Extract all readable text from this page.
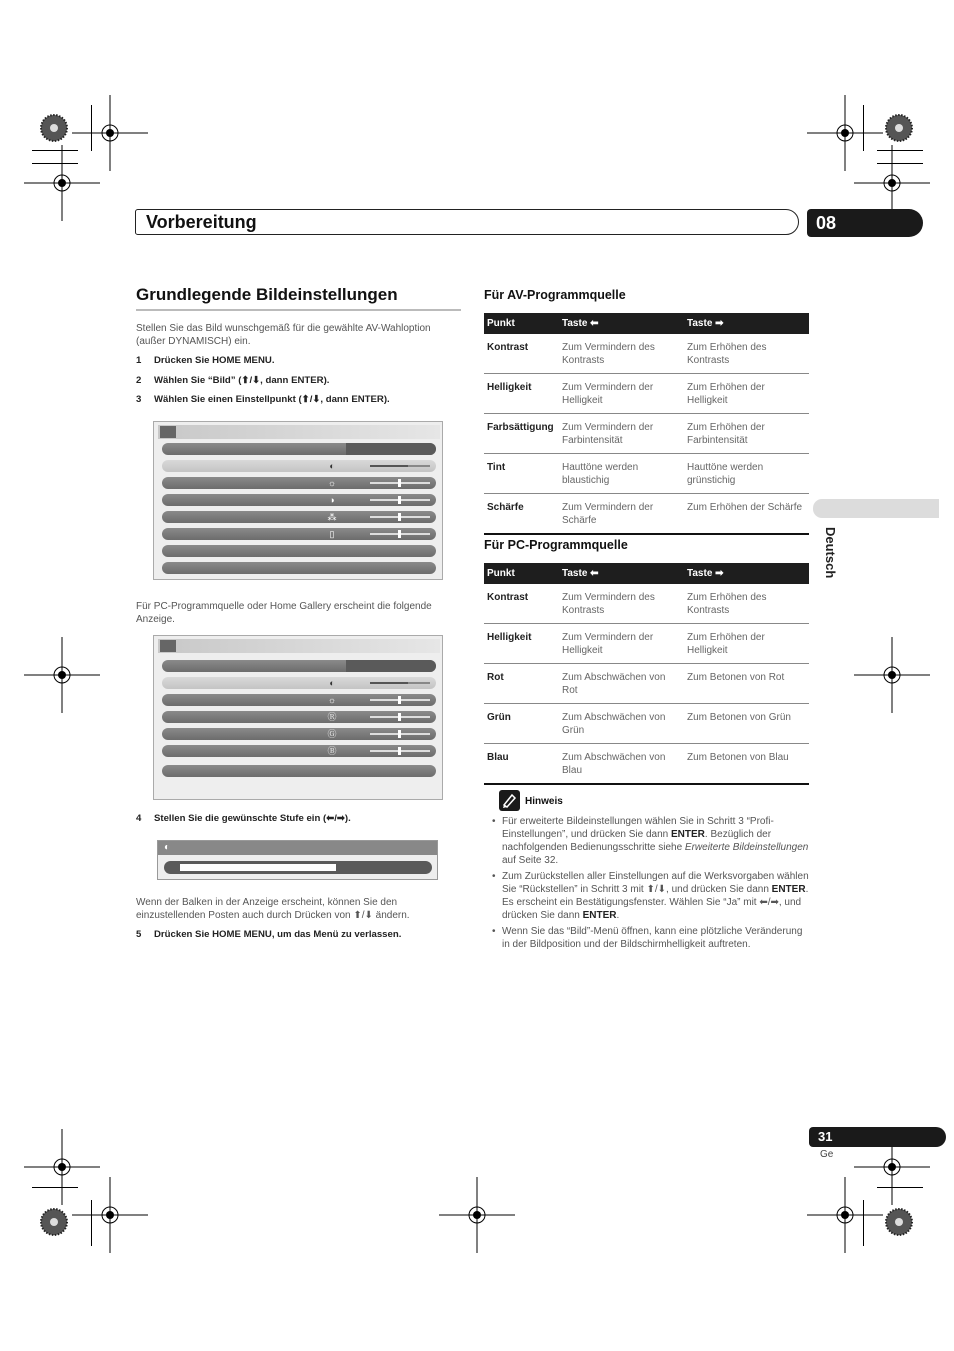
Vorbereitung	08
Deutsch
Grundlegende Bildeinstellungen
Stellen Sie das Bild wunschgemäß für die gewählte AV-Wahloption (außer DYNAMISCH) ein.
1 Drücken Sie HOME MENU.
2 Wählen Sie “Bild” (⬆/⬇, dann ENTER).
3 Wählen Sie einen Einstellpunkt (⬆/⬇, dann ENTER).
◐
☼
◑
⁂
▯
Für PC-Programmquelle oder Home Gallery erscheint die folgende Anzeige.
◐
☼
Ⓡ
Ⓖ
Ⓑ
4 Stellen Sie die gewünschte Stufe ein (⬅/➡).
◐
Wenn der Balken in der Anzeige erscheint, können Sie den einzustellenden Posten auch durch Drücken von ⬆/⬇ ändern.
5 Drücken Sie HOME MENU, um das Menü zu verlassen.
Für AV-Programmquelle
Punkt	Taste ⬅	Taste ➡
Kontrast	Zum Vermindern des Kontrasts	Zum Erhöhen des Kontrasts
Helligkeit	Zum Vermindern der Helligkeit	Zum Erhöhen der Helligkeit
Farbsättigung	Zum Vermindern der Farbintensität	Zum Erhöhen der Farbintensität
Tint	Hauttöne werden blaustichig	Hauttöne werden grünstichig
Schärfe	Zum Vermindern der Schärfe	Zum Erhöhen der Schärfe
Für PC-Programmquelle
Punkt	Taste ⬅	Taste ➡
Kontrast	Zum Vermindern des Kontrasts	Zum Erhöhen des Kontrasts
Helligkeit	Zum Vermindern der Helligkeit	Zum Erhöhen der Helligkeit
Rot	Zum Abschwächen von Rot	Zum Betonen von Rot
Grün	Zum Abschwächen von Grün	Zum Betonen von Grün
Blau	Zum Abschwächen von Blau	Zum Betonen von Blau
Hinweis
• Für erweiterte Bildeinstellungen wählen Sie in Schritt 3 “Profi-Einstellungen”, und drücken Sie dann ENTER. Bezüglich der nachfolgenden Bedienungsschritte siehe Erweiterte Bildeinstellungen auf Seite 32.
• Zum Zurückstellen aller Einstellungen auf die Werksvorgaben wählen Sie “Rückstellen” in Schritt 3 mit ⬆/⬇, und drücken Sie dann ENTER. Es erscheint ein Bestätigungsfenster. Wählen Sie “Ja” mit ⬅/➡, und drücken Sie dann ENTER.
• Wenn Sie das “Bild”-Menü öffnen, kann eine plötzliche Veränderung in der Bildposition und der Bildschirmhelligkeit auftreten.
31
Ge
